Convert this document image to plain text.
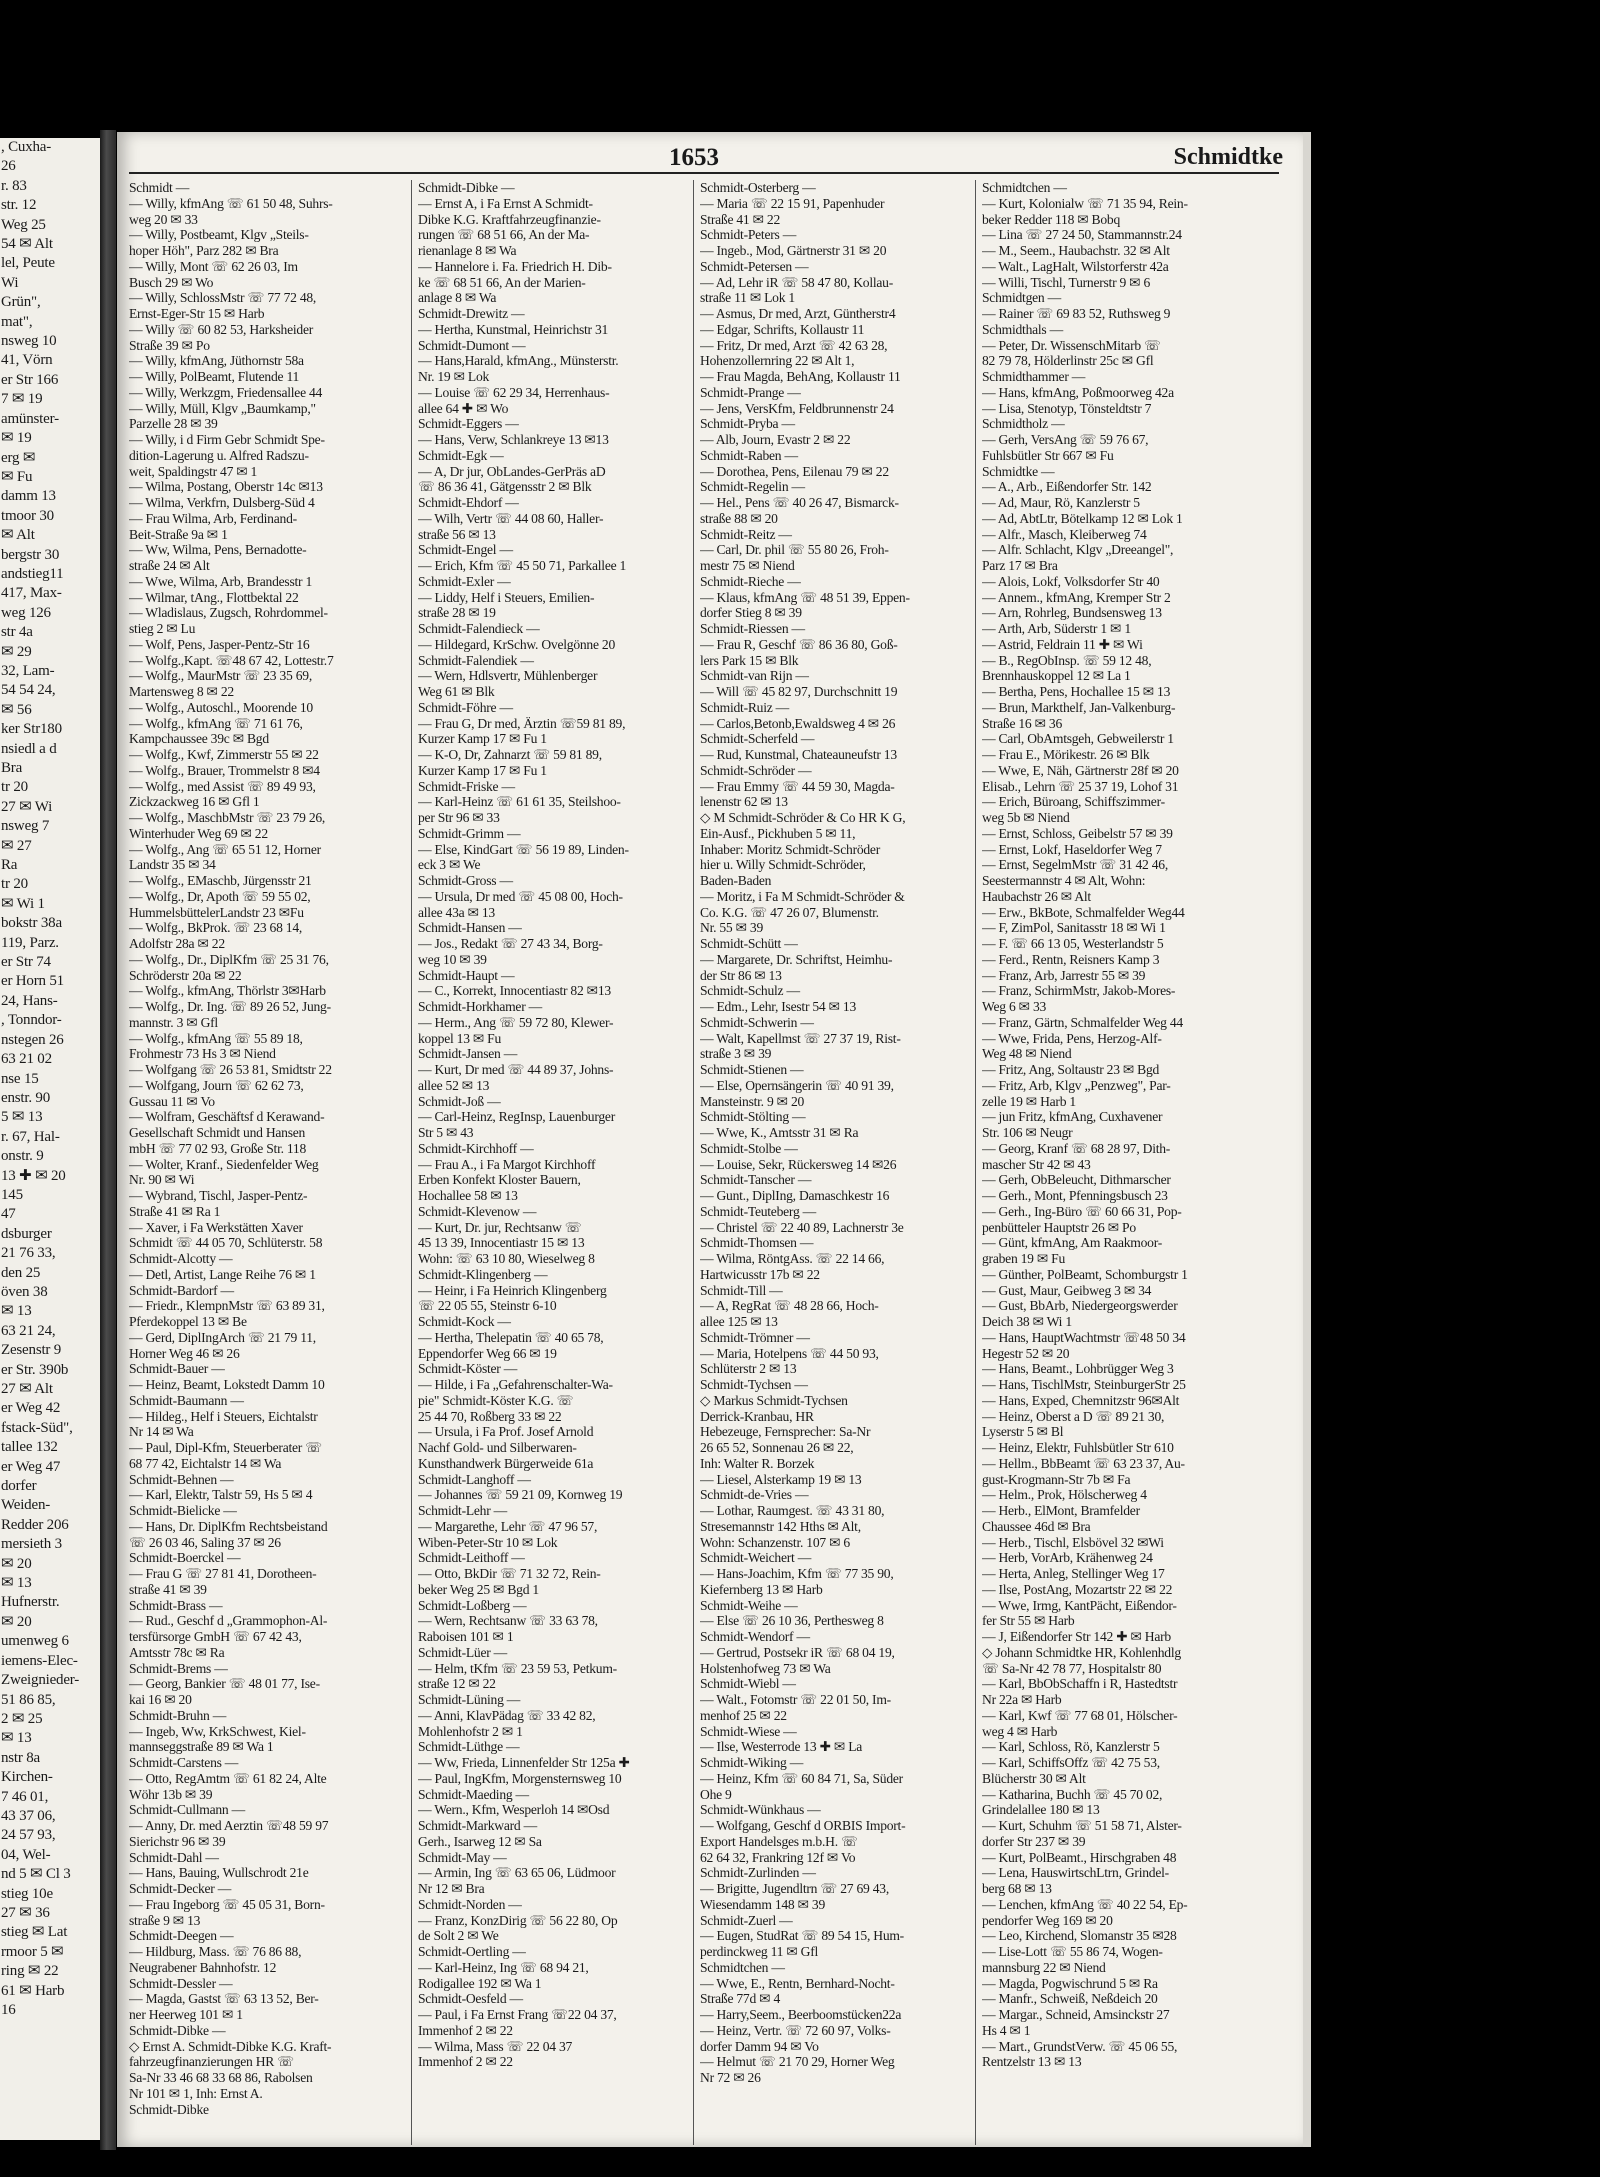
, Cuxha-
26
r. 83
str. 12
Weg 25
54 ✉ Alt
lel, Peute
Wi
Grün",
mat",
nsweg 10
41, Vörn
er Str 166
7 ✉ 19
amünster-
✉ 19
erg ✉
✉ Fu
damm 13
tmoor 30
✉ Alt
bergstr 30
andstieg11
417, Max-
weg 126
str 4a
✉ 29
32, Lam-
54 54 24,
✉ 56
ker Str180
nsiedl a d
Bra
tr 20
27 ✉ Wi
nsweg 7
✉ 27
Ra
tr 20
✉ Wi 1
bokstr 38a
119, Parz.
er Str 74
er Horn 51
24, Hans-
, Tonndor-
nstegen 26
63 21 02
nse 15
enstr. 90
5 ✉ 13
r. 67, Hal-
onstr. 9
13 ✚ ✉ 20
145
47
dsburger
21 76 33,
den 25
öven 38
✉ 13
63 21 24,
Zesenstr 9
er Str. 390b
27 ✉ Alt
er Weg 42
fstack-Süd",
tallee 132
er Weg 47
dorfer
Weiden-
Redder 206
mersieth 3
✉ 20
✉ 13
Hufnerstr.
✉ 20
umenweg 6
iemens-Elec-
Zweignieder-
51 86 85,
2 ✉ 25
✉ 13
nstr 8a
Kirchen-
7 46 01,
43 37 06,
24 57 93,
04, Wel-
nd 5 ✉ Cl 3
stieg 10e
27 ✉ 36
stieg ✉ Lat
rmoor 5 ✉
ring ✉ 22
61 ✉ Harb
16
1653	Schmidtke
Schmidt —
— Willy, kfmAng ☏ 61 50 48, Suhrs-
weg 20 ✉ 33
— Willy, Postbeamt, Klgv „Steils-
hoper Höh", Parz 282 ✉ Bra
— Willy, Mont ☏ 62 26 03, Im
Busch 29 ✉ Wo
— Willy, SchlossMstr ☏ 77 72 48,
Ernst-Eger-Str 15 ✉ Harb
— Willy ☏ 60 82 53, Harksheider
Straße 39 ✉ Po
— Willy, kfmAng, Jüthornstr 58a
— Willy, PolBeamt, Flutende 11
— Willy, Werkzgm, Friedensallee 44
— Willy, Müll, Klgv „Baumkamp,"
Parzelle 28 ✉ 39
— Willy, i d Firm Gebr Schmidt Spe-
dition-Lagerung u. Alfred Radszu-
weit, Spaldingstr 47 ✉ 1
— Wilma, Postang, Oberstr 14c ✉13
— Wilma, Verkfrn, Dulsberg-Süd 4
— Frau Wilma, Arb, Ferdinand-
Beit-Straße 9a ✉ 1
— Ww, Wilma, Pens, Bernadotte-
straße 24 ✉ Alt
— Wwe, Wilma, Arb, Brandesstr 1
— Wilmar, tAng., Flottbektal 22
— Wladislaus, Zugsch, Rohrdommel-
stieg 2 ✉ Lu
— Wolf, Pens, Jasper-Pentz-Str 16
— Wolfg.,Kapt. ☏48 67 42, Lottestr.7
— Wolfg., MaurMstr ☏ 23 35 69,
Martensweg 8 ✉ 22
— Wolfg., Autoschl., Moorende 10
— Wolfg., kfmAng ☏ 71 61 76,
Kampchaussee 39c ✉ Bgd
— Wolfg., Kwf, Zimmerstr 55 ✉ 22
— Wolfg., Brauer, Trommelstr 8 ✉4
— Wolfg., med Assist ☏ 89 49 93,
Zickzackweg 16 ✉ Gfl 1
— Wolfg., MaschbMstr ☏ 23 79 26,
Winterhuder Weg 69 ✉ 22
— Wolfg., Ang ☏ 65 51 12, Horner
Landstr 35 ✉ 34
— Wolfg., EMaschb, Jürgensstr 21
— Wolfg., Dr, Apoth ☏ 59 55 02,
HummelsbüttelerLandstr 23 ✉Fu
— Wolfg., BkProk. ☏ 23 68 14,
Adolfstr 28a ✉ 22
— Wolfg., Dr., DiplKfm ☏ 25 31 76,
Schröderstr 20a ✉ 22
— Wolfg., kfmAng, Thörlstr 3✉Harb
— Wolfg., Dr. Ing. ☏ 89 26 52, Jung-
mannstr. 3 ✉ Gfl
— Wolfg., kfmAng ☏ 55 89 18,
Frohmestr 73 Hs 3 ✉ Niend
— Wolfgang ☏ 26 53 81, Smidtstr 22
— Wolfgang, Journ ☏ 62 62 73,
Gussau 11 ✉ Vo
— Wolfram, Geschäftsf d Kerawand-
Gesellschaft Schmidt und Hansen
mbH ☏ 77 02 93, Große Str. 118
— Wolter, Kranf., Siedenfelder Weg
Nr. 90 ✉ Wi
— Wybrand, Tischl, Jasper-Pentz-
Straße 41 ✉ Ra 1
— Xaver, i Fa Werkstätten Xaver
Schmidt ☏ 44 05 70, Schlüterstr. 58
Schmidt-Alcotty —
— Detl, Artist, Lange Reihe 76 ✉ 1
Schmidt-Bardorf —
— Friedr., KlempnMstr ☏ 63 89 31,
Pferdekoppel 13 ✉ Be
— Gerd, DiplIngArch ☏ 21 79 11,
Horner Weg 46 ✉ 26
Schmidt-Bauer —
— Heinz, Beamt, Lokstedt Damm 10
Schmidt-Baumann —
— Hildeg., Helf i Steuers, Eichtalstr
Nr 14 ✉ Wa
— Paul, Dipl-Kfm, Steuerberater ☏
68 77 42, Eichtalstr 14 ✉ Wa
Schmidt-Behnen —
— Karl, Elektr, Talstr 59, Hs 5 ✉ 4
Schmidt-Bielicke —
— Hans, Dr. DiplKfm Rechtsbeistand
☏ 26 03 46, Saling 37 ✉ 26
Schmidt-Boerckel —
— Frau G ☏ 27 81 41, Dorotheen-
straße 41 ✉ 39
Schmidt-Brass —
— Rud., Geschf d „Grammophon-Al-
tersfürsorge GmbH ☏ 67 42 43,
Amtsstr 78c ✉ Ra
Schmidt-Brems —
— Georg, Bankier ☏ 48 01 77, Ise-
kai 16 ✉ 20
Schmidt-Bruhn —
— Ingeb, Ww, KrkSchwest, Kiel-
mannseggstraße 89 ✉ Wa 1
Schmidt-Carstens —
— Otto, RegAmtm ☏ 61 82 24, Alte
Wöhr 13b ✉ 39
Schmidt-Cullmann —
— Anny, Dr. med Aerztin ☏48 59 97
Sierichstr 96 ✉ 39
Schmidt-Dahl —
— Hans, Bauing, Wullschrodt 21e
Schmidt-Decker —
— Frau Ingeborg ☏ 45 05 31, Born-
straße 9 ✉ 13
Schmidt-Deegen —
— Hildburg, Mass. ☏ 76 86 88,
Neugrabener Bahnhofstr. 12
Schmidt-Dessler —
— Magda, Gastst ☏ 63 13 52, Ber-
ner Heerweg 101 ✉ 1
Schmidt-Dibke —
◇ Ernst A. Schmidt-Dibke K.G. Kraft-
fahrzeugfinanzierungen HR ☏
Sa-Nr 33 46 68 33 68 86, Rabolsen
Nr 101 ✉ 1, Inh: Ernst A.
Schmidt-Dibke
Schmidt-Dibke —
— Ernst A, i Fa Ernst A Schmidt-
Dibke K.G. Kraftfahrzeugfinanzie-
rungen ☏ 68 51 66, An der Ma-
rienanlage 8 ✉ Wa
— Hannelore i. Fa. Friedrich H. Dib-
ke ☏ 68 51 66, An der Marien-
anlage 8 ✉ Wa
Schmidt-Drewitz —
— Hertha, Kunstmal, Heinrichstr 31
Schmidt-Dumont —
— Hans,Harald, kfmAng., Münsterstr.
Nr. 19 ✉ Lok
— Louise ☏ 62 29 34, Herrenhaus-
allee 64 ✚ ✉ Wo
Schmidt-Eggers —
— Hans, Verw, Schlankreye 13 ✉13
Schmidt-Egk —
— A, Dr jur, ObLandes-GerPräs aD
☏ 86 36 41, Gätgensstr 2 ✉ Blk
Schmidt-Ehdorf —
— Wilh, Vertr ☏ 44 08 60, Haller-
straße 56 ✉ 13
Schmidt-Engel —
— Erich, Kfm ☏ 45 50 71, Parkallee 1
Schmidt-Exler —
— Liddy, Helf i Steuers, Emilien-
straße 28 ✉ 19
Schmidt-Falendieck —
— Hildegard, KrSchw. Ovelgönne 20
Schmidt-Falendiek —
— Wern, Hdlsvertr, Mühlenberger
Weg 61 ✉ Blk
Schmidt-Föhre —
— Frau G, Dr med, Ärztin ☏59 81 89,
Kurzer Kamp 17 ✉ Fu 1
— K-O, Dr, Zahnarzt ☏ 59 81 89,
Kurzer Kamp 17 ✉ Fu 1
Schmidt-Friske —
— Karl-Heinz ☏ 61 61 35, Steilshoo-
per Str 96 ✉ 33
Schmidt-Grimm —
— Else, KindGart ☏ 56 19 89, Linden-
eck 3 ✉ We
Schmidt-Gross —
— Ursula, Dr med ☏ 45 08 00, Hoch-
allee 43a ✉ 13
Schmidt-Hansen —
— Jos., Redakt ☏ 27 43 34, Borg-
weg 10 ✉ 39
Schmidt-Haupt —
— C., Korrekt, Innocentiastr 82 ✉13
Schmidt-Horkhamer —
— Herm., Ang ☏ 59 72 80, Klewer-
koppel 13 ✉ Fu
Schmidt-Jansen —
— Kurt, Dr med ☏ 44 89 37, Johns-
allee 52 ✉ 13
Schmidt-Joß —
— Carl-Heinz, RegInsp, Lauenburger
Str 5 ✉ 43
Schmidt-Kirchhoff —
— Frau A., i Fa Margot Kirchhoff
Erben Konfekt Kloster Bauern,
Hochallee 58 ✉ 13
Schmidt-Klevenow —
— Kurt, Dr. jur, Rechtsanw ☏
45 13 39, Innocentiastr 15 ✉ 13
Wohn: ☏ 63 10 80, Wieselweg 8
Schmidt-Klingenberg —
— Heinr, i Fa Heinrich Klingenberg
☏ 22 05 55, Steinstr 6-10
Schmidt-Kock —
— Hertha, Thelepatin ☏ 40 65 78,
Eppendorfer Weg 66 ✉ 19
Schmidt-Köster —
— Hilde, i Fa „Gefahrenschalter-Wa-
pie" Schmidt-Köster K.G. ☏
25 44 70, Roßberg 33 ✉ 22
— Ursula, i Fa Prof. Josef Arnold
Nachf Gold- und Silberwaren-
Kunsthandwerk Bürgerweide 61a
Schmidt-Langhoff —
— Johannes ☏ 59 21 09, Kornweg 19
Schmidt-Lehr —
— Margarethe, Lehr ☏ 47 96 57,
Wiben-Peter-Str 10 ✉ Lok
Schmidt-Leithoff —
— Otto, BkDir ☏ 71 32 72, Rein-
beker Weg 25 ✉ Bgd 1
Schmidt-Loßberg —
— Wern, Rechtsanw ☏ 33 63 78,
Raboisen 101 ✉ 1
Schmidt-Lüer —
— Helm, tKfm ☏ 23 59 53, Petkum-
straße 12 ✉ 22
Schmidt-Lüning —
— Anni, KlavPädag ☏ 33 42 82,
Mohlenhofstr 2 ✉ 1
Schmidt-Lüthge —
— Ww, Frieda, Linnenfelder Str 125a ✚
— Paul, IngKfm, Morgensternsweg 10
Schmidt-Maeding —
— Wern., Kfm, Wesperloh 14 ✉Osd
Schmidt-Markward —
Gerh., Isarweg 12 ✉ Sa
Schmidt-May —
— Armin, Ing ☏ 63 65 06, Lüdmoor
Nr 12 ✉ Bra
Schmidt-Norden —
— Franz, KonzDirig ☏ 56 22 80, Op
de Solt 2 ✉ We
Schmidt-Oertling —
— Karl-Heinz, Ing ☏ 68 94 21,
Rodigallee 192 ✉ Wa 1
Schmidt-Oesfeld —
— Paul, i Fa Ernst Frang ☏22 04 37,
Immenhof 2 ✉ 22
— Wilma, Mass ☏ 22 04 37
Immenhof 2 ✉ 22
Schmidt-Osterberg —
— Maria ☏ 22 15 91, Papenhuder
Straße 41 ✉ 22
Schmidt-Peters —
— Ingeb., Mod, Gärtnerstr 31 ✉ 20
Schmidt-Petersen —
— Ad, Lehr iR ☏ 58 47 80, Kollau-
straße 11 ✉ Lok 1
— Asmus, Dr med, Arzt, Güntherstr4
— Edgar, Schrifts, Kollaustr 11
— Fritz, Dr med, Arzt ☏ 42 63 28,
Hohenzollernring 22 ✉ Alt 1,
— Frau Magda, BehAng, Kollaustr 11
Schmidt-Prange —
— Jens, VersKfm, Feldbrunnenstr 24
Schmidt-Pryba —
— Alb, Journ, Evastr 2 ✉ 22
Schmidt-Raben —
— Dorothea, Pens, Eilenau 79 ✉ 22
Schmidt-Regelin —
— Hel., Pens ☏ 40 26 47, Bismarck-
straße 88 ✉ 20
Schmidt-Reitz —
— Carl, Dr. phil ☏ 55 80 26, Froh-
mestr 75 ✉ Niend
Schmidt-Rieche —
— Klaus, kfmAng ☏ 48 51 39, Eppen-
dorfer Stieg 8 ✉ 39
Schmidt-Riessen —
— Frau R, Geschf ☏ 86 36 80, Goß-
lers Park 15 ✉ Blk
Schmidt-van Rijn —
— Will ☏ 45 82 97, Durchschnitt 19
Schmidt-Ruiz —
— Carlos,Betonb,Ewaldsweg 4 ✉ 26
Schmidt-Scherfeld —
— Rud, Kunstmal, Chateauneufstr 13
Schmidt-Schröder —
— Frau Emmy ☏ 44 59 30, Magda-
lenenstr 62 ✉ 13
◇ M Schmidt-Schröder & Co HR K G,
Ein-Ausf., Pickhuben 5 ✉ 11,
Inhaber: Moritz Schmidt-Schröder
hier u. Willy Schmidt-Schröder,
Baden-Baden
— Moritz, i Fa M Schmidt-Schröder &
Co. K.G. ☏ 47 26 07, Blumenstr.
Nr. 55 ✉ 39
Schmidt-Schütt —
— Margarete, Dr. Schriftst, Heimhu-
der Str 86 ✉ 13
Schmidt-Schulz —
— Edm., Lehr, Isestr 54 ✉ 13
Schmidt-Schwerin —
— Walt, Kapellmst ☏ 27 37 19, Rist-
straße 3 ✉ 39
Schmidt-Stienen —
— Else, Opernsängerin ☏ 40 91 39,
Mansteinstr. 9 ✉ 20
Schmidt-Stölting —
— Wwe, K., Amtsstr 31 ✉ Ra
Schmidt-Stolbe —
— Louise, Sekr, Rückersweg 14 ✉26
Schmidt-Tanscher —
— Gunt., DiplIng, Damaschkestr 16
Schmidt-Teuteberg —
— Christel ☏ 22 40 89, Lachnerstr 3e
Schmidt-Thomsen —
— Wilma, RöntgAss. ☏ 22 14 66,
Hartwicusstr 17b ✉ 22
Schmidt-Till —
— A, RegRat ☏ 48 28 66, Hoch-
allee 125 ✉ 13
Schmidt-Trömner —
— Maria, Hotelpens ☏ 44 50 93,
Schlüterstr 2 ✉ 13
Schmidt-Tychsen —
◇ Markus Schmidt-Tychsen
Derrick-Kranbau, HR
Hebezeuge, Fernsprecher: Sa-Nr
26 65 52, Sonnenau 26 ✉ 22,
Inh: Walter R. Borzek
— Liesel, Alsterkamp 19 ✉ 13
Schmidt-de-Vries —
— Lothar, Raumgest. ☏ 43 31 80,
Stresemannstr 142 Hths ✉ Alt,
Wohn: Schanzenstr. 107 ✉ 6
Schmidt-Weichert —
— Hans-Joachim, Kfm ☏ 77 35 90,
Kiefernberg 13 ✉ Harb
Schmidt-Weihe —
— Else ☏ 26 10 36, Perthesweg 8
Schmidt-Wendorf —
— Gertrud, Postsekr iR ☏ 68 04 19,
Holstenhofweg 73 ✉ Wa
Schmidt-Wiebl —
— Walt., Fotomstr ☏ 22 01 50, Im-
menhof 25 ✉ 22
Schmidt-Wiese —
— Ilse, Westerrode 13 ✚ ✉ La
Schmidt-Wiking —
— Heinz, Kfm ☏ 60 84 71, Sa, Süder
Ohe 9
Schmidt-Wünkhaus —
— Wolfgang, Geschf d ORBIS Import-
Export Handelsges m.b.H. ☏
62 64 32, Frankring 12f ✉ Vo
Schmidt-Zurlinden —
— Brigitte, Jugendltrn ☏ 27 69 43,
Wiesendamm 148 ✉ 39
Schmidt-Zuerl —
— Eugen, StudRat ☏ 89 54 15, Hum-
perdinckweg 11 ✉ Gfl
Schmidtchen —
— Wwe, E., Rentn, Bernhard-Nocht-
Straße 77d ✉ 4
— Harry,Seem., Beerboomstücken22a
— Heinz, Vertr. ☏ 72 60 97, Volks-
dorfer Damm 94 ✉ Vo
— Helmut ☏ 21 70 29, Horner Weg
Nr 72 ✉ 26
Schmidtchen —
— Kurt, Kolonialw ☏ 71 35 94, Rein-
beker Redder 118 ✉ Bobq
— Lina ☏ 27 24 50, Stammannstr.24
— M., Seem., Haubachstr. 32 ✉ Alt
— Walt., LagHalt, Wilstorferstr 42a
— Willi, Tischl, Turnerstr 9 ✉ 6
Schmidtgen —
— Rainer ☏ 69 83 52, Ruthsweg 9
Schmidthals —
— Peter, Dr. WissenschMitarb ☏
82 79 78, Hölderlinstr 25c ✉ Gfl
Schmidthammer —
— Hans, kfmAng, Poßmoorweg 42a
— Lisa, Stenotyp, Tönsteldtstr 7
Schmidtholz —
— Gerh, VersAng ☏ 59 76 67,
Fuhlsbütler Str 667 ✉ Fu
Schmidtke —
— A., Arb., Eißendorfer Str. 142
— Ad, Maur, Rö, Kanzlerstr 5
— Ad, AbtLtr, Bötelkamp 12 ✉ Lok 1
— Alfr., Masch, Kleiberweg 74
— Alfr. Schlacht, Klgv „Dreeangel",
Parz 17 ✉ Bra
— Alois, Lokf, Volksdorfer Str 40
— Annem., kfmAng, Kremper Str 2
— Arn, Rohrleg, Bundsensweg 13
— Arth, Arb, Süderstr 1 ✉ 1
— Astrid, Feldrain 11 ✚ ✉ Wi
— B., RegObInsp. ☏ 59 12 48,
Brennhauskoppel 12 ✉ La 1
— Bertha, Pens, Hochallee 15 ✉ 13
— Brun, Markthelf, Jan-Valkenburg-
Straße 16 ✉ 36
— Carl, ObAmtsgeh, Gebweilerstr 1
— Frau E., Mörikestr. 26 ✉ Blk
— Wwe, E, Näh, Gärtnerstr 28f ✉ 20
Elisab., Lehrn ☏ 25 37 19, Lohof 31
— Erich, Büroang, Schiffszimmer-
weg 5b ✉ Niend
— Ernst, Schloss, Geibelstr 57 ✉ 39
— Ernst, Lokf, Haseldorfer Weg 7
— Ernst, SegelmMstr ☏ 31 42 46,
Seestermannstr 4 ✉ Alt, Wohn:
Haubachstr 26 ✉ Alt
— Erw., BkBote, Schmalfelder Weg44
— F, ZimPol, Sanitasstr 18 ✉ Wi 1
— F. ☏ 66 13 05, Westerlandstr 5
— Ferd., Rentn, Reisners Kamp 3
— Franz, Arb, Jarrestr 55 ✉ 39
— Franz, SchirmMstr, Jakob-Mores-
Weg 6 ✉ 33
— Franz, Gärtn, Schmalfelder Weg 44
— Wwe, Frida, Pens, Herzog-Alf-
Weg 48 ✉ Niend
— Fritz, Ang, Soltaustr 23 ✉ Bgd
— Fritz, Arb, Klgv „Penzweg", Par-
zelle 19 ✉ Harb 1
— jun Fritz, kfmAng, Cuxhavener
Str. 106 ✉ Neugr
— Georg, Kranf ☏ 68 28 97, Dith-
mascher Str 42 ✉ 43
— Gerh, ObBeleucht, Dithmarscher
— Gerh., Mont, Pfenningsbusch 23
— Gerh., Ing-Büro ☏ 60 66 31, Pop-
penbütteler Hauptstr 26 ✉ Po
— Günt, kfmAng, Am Raakmoor-
graben 19 ✉ Fu
— Günther, PolBeamt, Schomburgstr 1
— Gust, Maur, Geibweg 3 ✉ 34
— Gust, BbArb, Niedergeorgswerder
Deich 38 ✉ Wi 1
— Hans, HauptWachtmstr ☏48 50 34
Hegestr 52 ✉ 20
— Hans, Beamt., Lohbrügger Weg 3
— Hans, TischlMstr, SteinburgerStr 25
— Hans, Exped, Chemnitzstr 96✉Alt
— Heinz, Oberst a D ☏ 89 21 30,
Lyserstr 5 ✉ Bl
— Heinz, Elektr, Fuhlsbütler Str 610
— Hellm., BbBeamt ☏ 63 23 37, Au-
gust-Krogmann-Str 7b ✉ Fa
— Helm., Prok, Hölscherweg 4
— Herb., ElMont, Bramfelder
Chaussee 46d ✉ Bra
— Herb., Tischl, Elsbövel 32 ✉Wi
— Herb, VorArb, Krähenweg 24
— Herta, Anleg, Stellinger Weg 17
— Ilse, PostAng, Mozartstr 22 ✉ 22
— Wwe, Irmg, KantPächt, Eißendor-
fer Str 55 ✉ Harb
— J, Eißendorfer Str 142 ✚ ✉ Harb
◇ Johann Schmidtke HR, Kohlenhdlg
☏ Sa-Nr 42 78 77, Hospitalstr 80
— Karl, BbObSchaffn i R, Hastedtstr
Nr 22a ✉ Harb
— Karl, Kwf ☏ 77 68 01, Hölscher-
weg 4 ✉ Harb
— Karl, Schloss, Rö, Kanzlerstr 5
— Karl, SchiffsOffz ☏ 42 75 53,
Blücherstr 30 ✉ Alt
— Katharina, Buchh ☏ 45 70 02,
Grindelallee 180 ✉ 13
— Kurt, Schuhm ☏ 51 58 71, Alster-
dorfer Str 237 ✉ 39
— Kurt, PolBeamt., Hirschgraben 48
— Lena, HauswirtschLtrn, Grindel-
berg 68 ✉ 13
— Lenchen, kfmAng ☏ 40 22 54, Ep-
pendorfer Weg 169 ✉ 20
— Leo, Kirchend, Slomanstr 35 ✉28
— Lise-Lott ☏ 55 86 74, Wogen-
mannsburg 22 ✉ Niend
— Magda, Pogwischrund 5 ✉ Ra
— Manfr., Schweiß, Neßdeich 20
— Margar., Schneid, Amsinckstr 27
Hs 4 ✉ 1
— Mart., GrundstVerw. ☏ 45 06 55,
Rentzelstr 13 ✉ 13
